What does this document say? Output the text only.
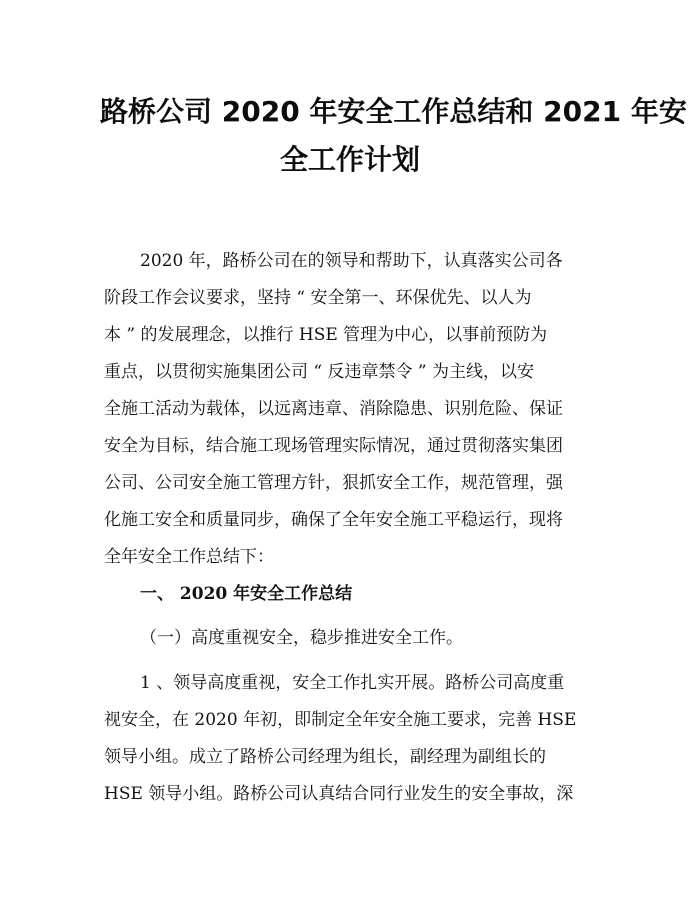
路桥公司 2020 年安全工作总结和 2021 年安
全工作计划
2020 年，路桥公司在的领导和帮助下，认真落实公司各
阶段工作会议要求，坚持 “ 安全第一、环保优先、以人为
本 ” 的发展理念，以推行 HSE 管理为中心，以事前预防为
重点，以贯彻实施集团公司 “ 反违章禁令 ” 为主线，以安
全施工活动为载体，以远离违章、消除隐患、识别危险、保证
安全为目标，结合施工现场管理实际情况，通过贯彻落实集团
公司、公司安全施工管理方针，狠抓安全工作，规范管理，强
化施工安全和质量同步，确保了全年安全施工平稳运行，现将
全年安全工作总结下：
一、 2020 年安全工作总结
（一）高度重视安全，稳步推进安全工作。
1 、领导高度重视，安全工作扎实开展。路桥公司高度重
视安全，在 2020 年初，即制定全年安全施工要求，完善 HSE
领导小组。成立了路桥公司经理为组长，副经理为副组长的
HSE 领导小组。路桥公司认真结合同行业发生的安全事故，深
